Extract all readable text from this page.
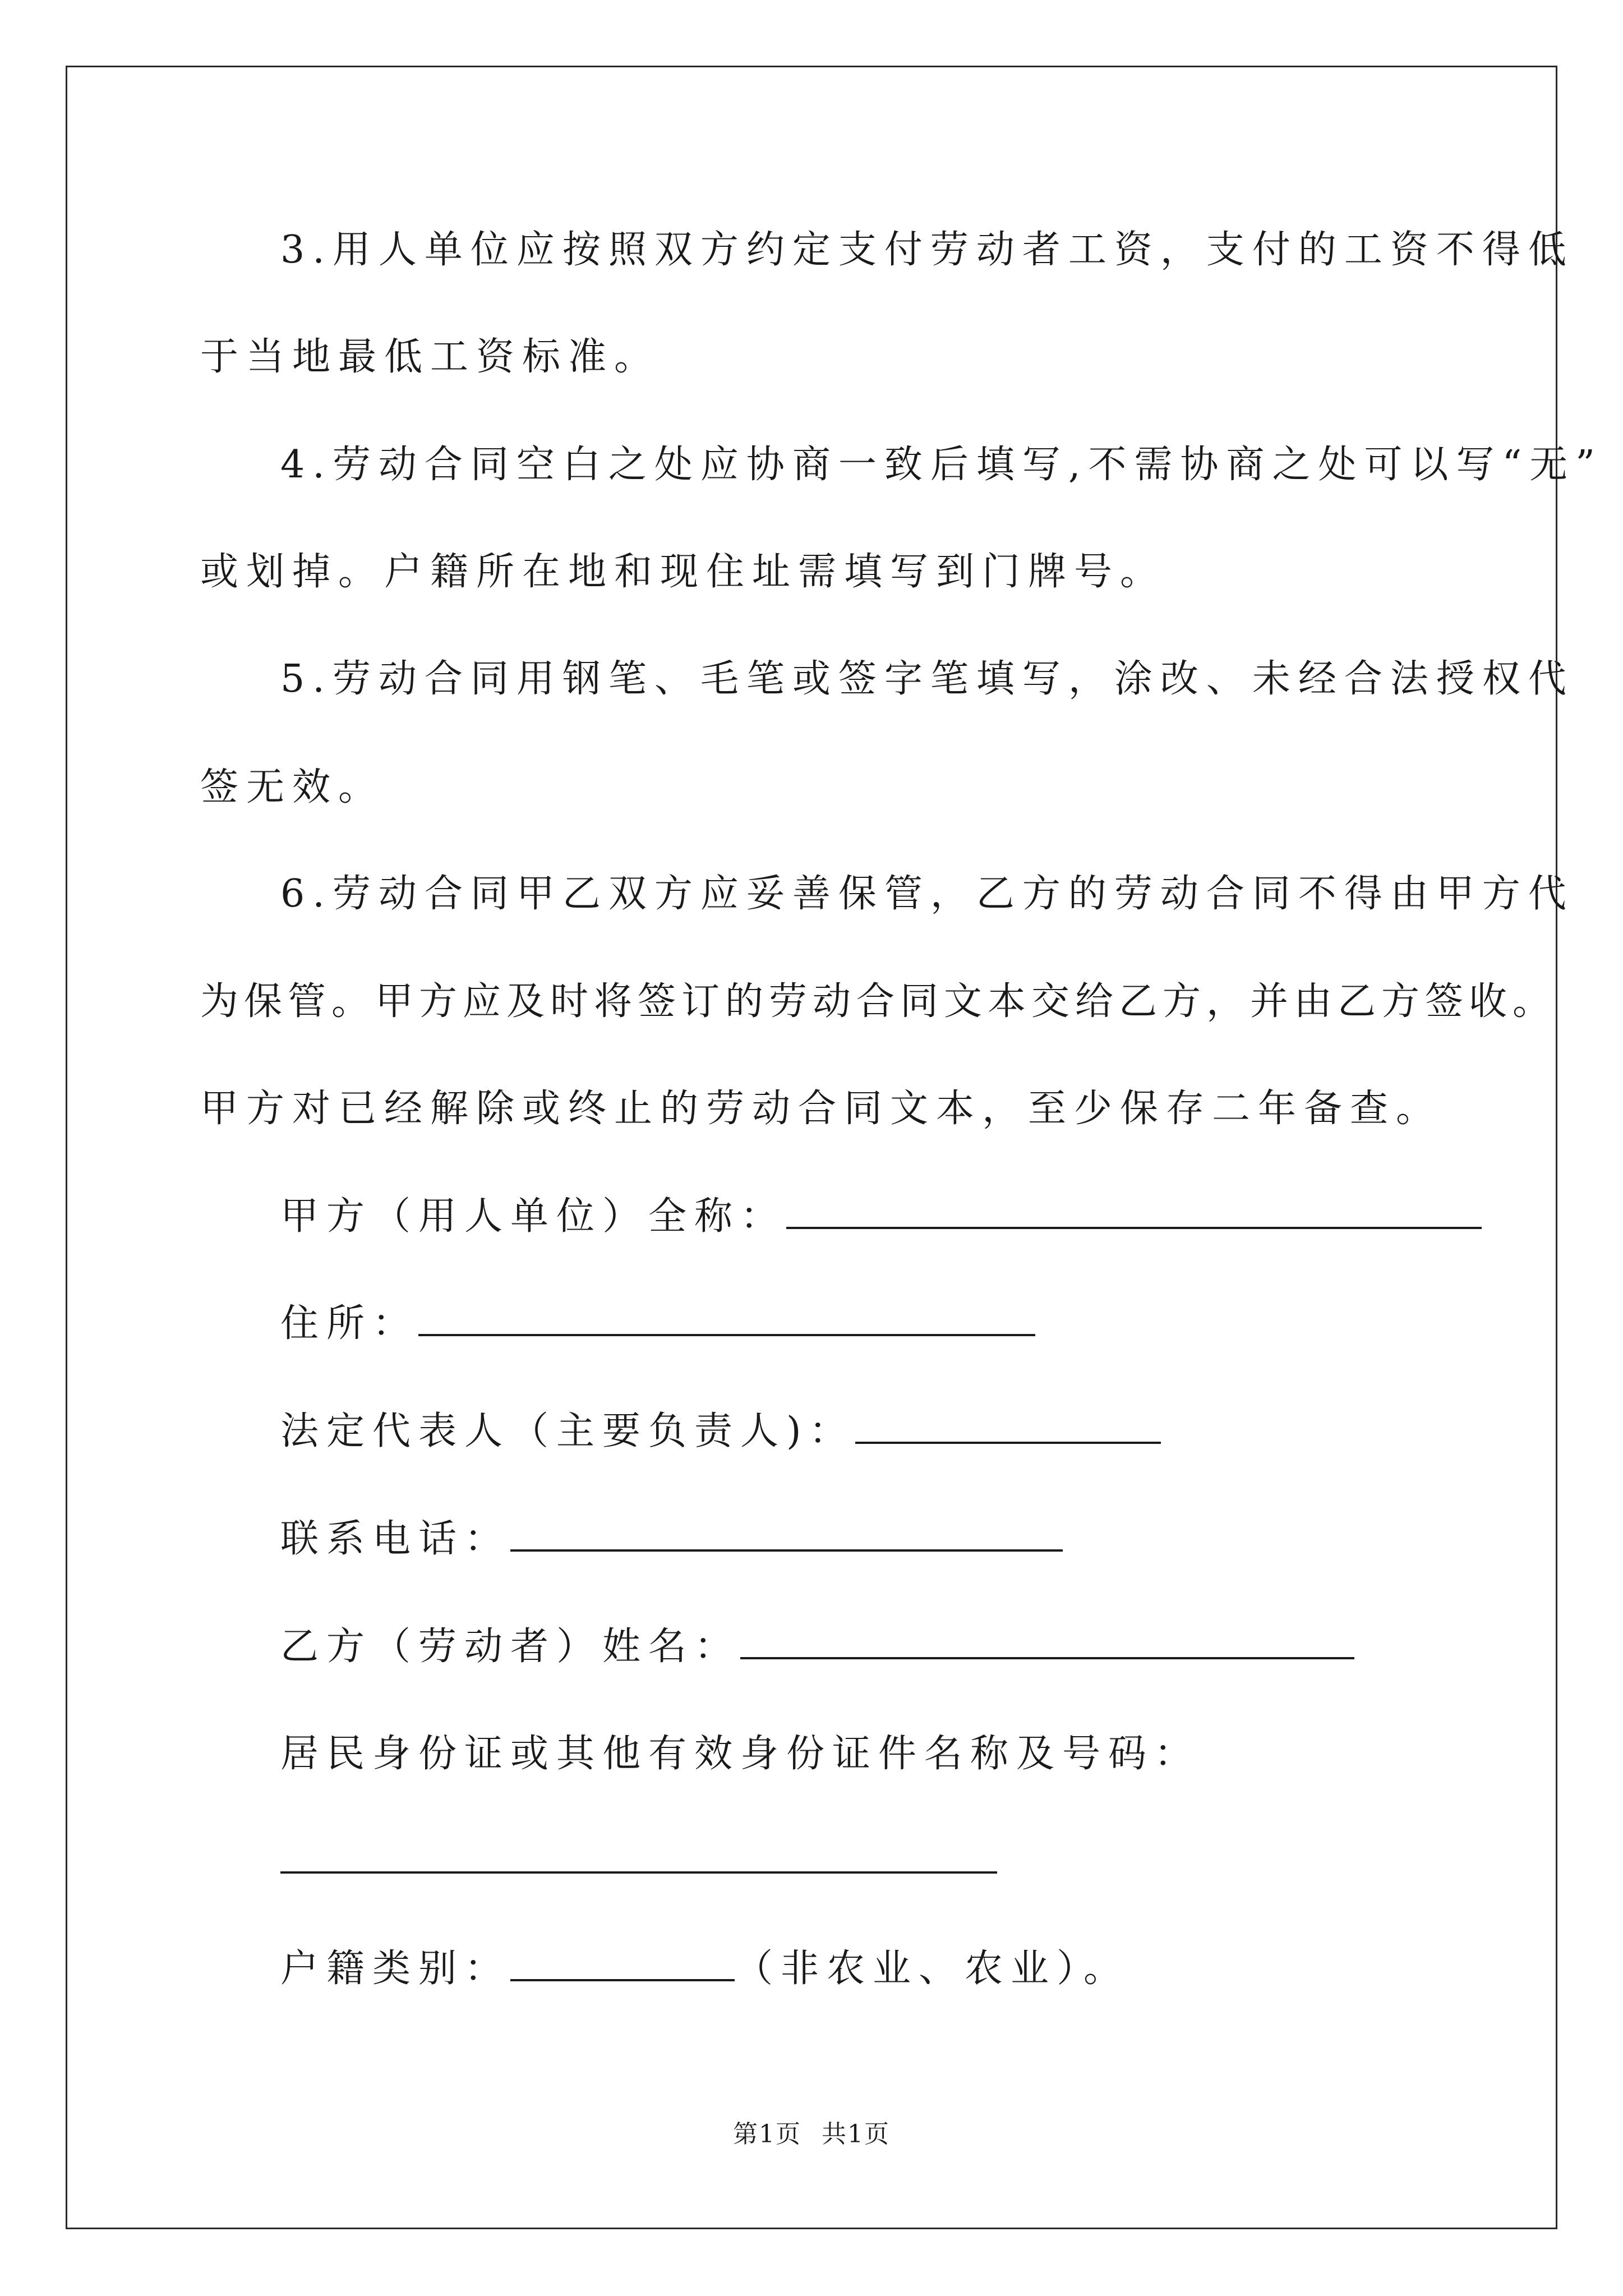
3.用人单位应按照双方约定支付劳动者工资，支付的工资不得低
于当地最低工资标准。
4.劳动合同空白之处应协商一致后填写,不需协商之处可以写“无”
或划掉。户籍所在地和现住址需填写到门牌号。
5.劳动合同用钢笔、毛笔或签字笔填写，涂改、未经合法授权代
签无效。
6.劳动合同甲乙双方应妥善保管，乙方的劳动合同不得由甲方代
为保管。甲方应及时将签订的劳动合同文本交给乙方，并由乙方签收。
甲方对已经解除或终止的劳动合同文本，至少保存二年备查。
甲方（用人单位）全称：
住所：
法定代表人（主要负责人)：
联系电话：
乙方（劳动者）姓名：
居民身份证或其他有效身份证件名称及号码：
户籍类别：	（非农业、农业）。
第1页 共1页
